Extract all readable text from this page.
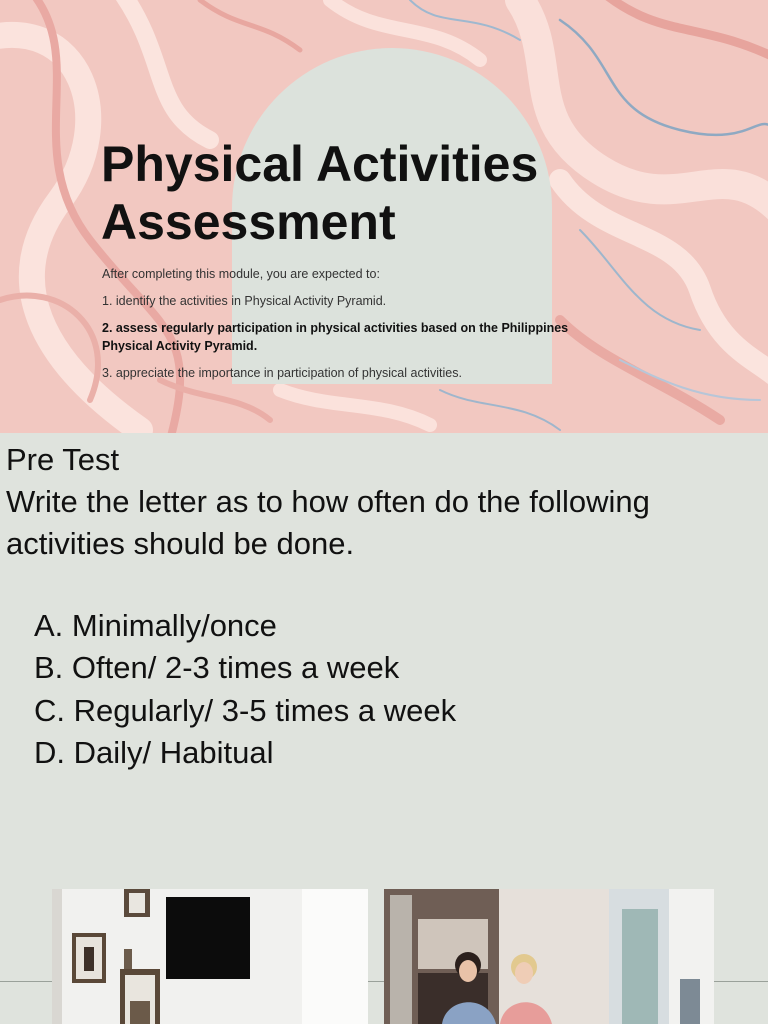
Physical Activities
Assessment

After completing this module, you are expected to:

1. identify the activities in Physical Activity Pyramid.

2. assess regularly participation in physical activities based on the Philippines Physical Activity Pyramid.

3. appreciate the importance in participation of physical activities.

Pre Test

Write the letter as to how often do the following activities should be done.

A. Minimally/once
B. Often/ 2-3 times a week
C. Regularly/ 3-5 times a week
D. Daily/ Habitual
